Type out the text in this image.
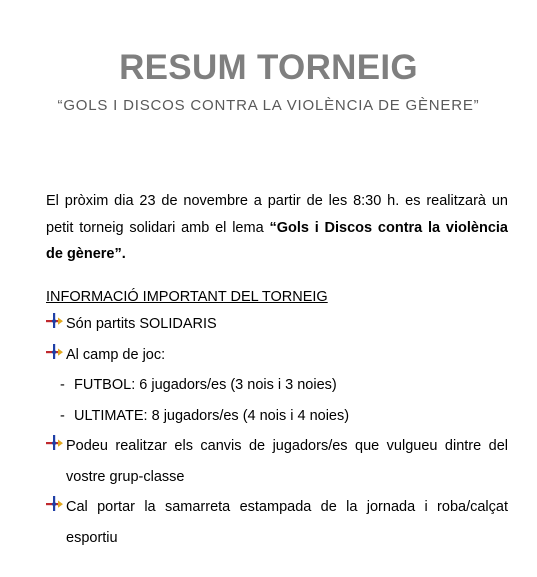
RESUM TORNEIG
“GOLS I DISCOS CONTRA LA VIOLÈNCIA DE GÈNERE”
El pròxim dia 23 de novembre a partir de les 8:30 h. es realitzarà un
petit torneig solidari amb el lema “Gols i Discos contra la violència
de gènere”.
INFORMACIÓ IMPORTANT DEL TORNEIG
Són partits SOLIDARIS
Al camp de joc:
- FUTBOL: 6 jugadors/es (3 nois i 3 noies)
- ULTIMATE: 8 jugadors/es (4 nois i 4 noies)
Podeu realitzar els canvis de jugadors/es que vulgueu dintre del
vostre grup-classe
Cal portar la samarreta estampada de la jornada i roba/calçat
esportiu
